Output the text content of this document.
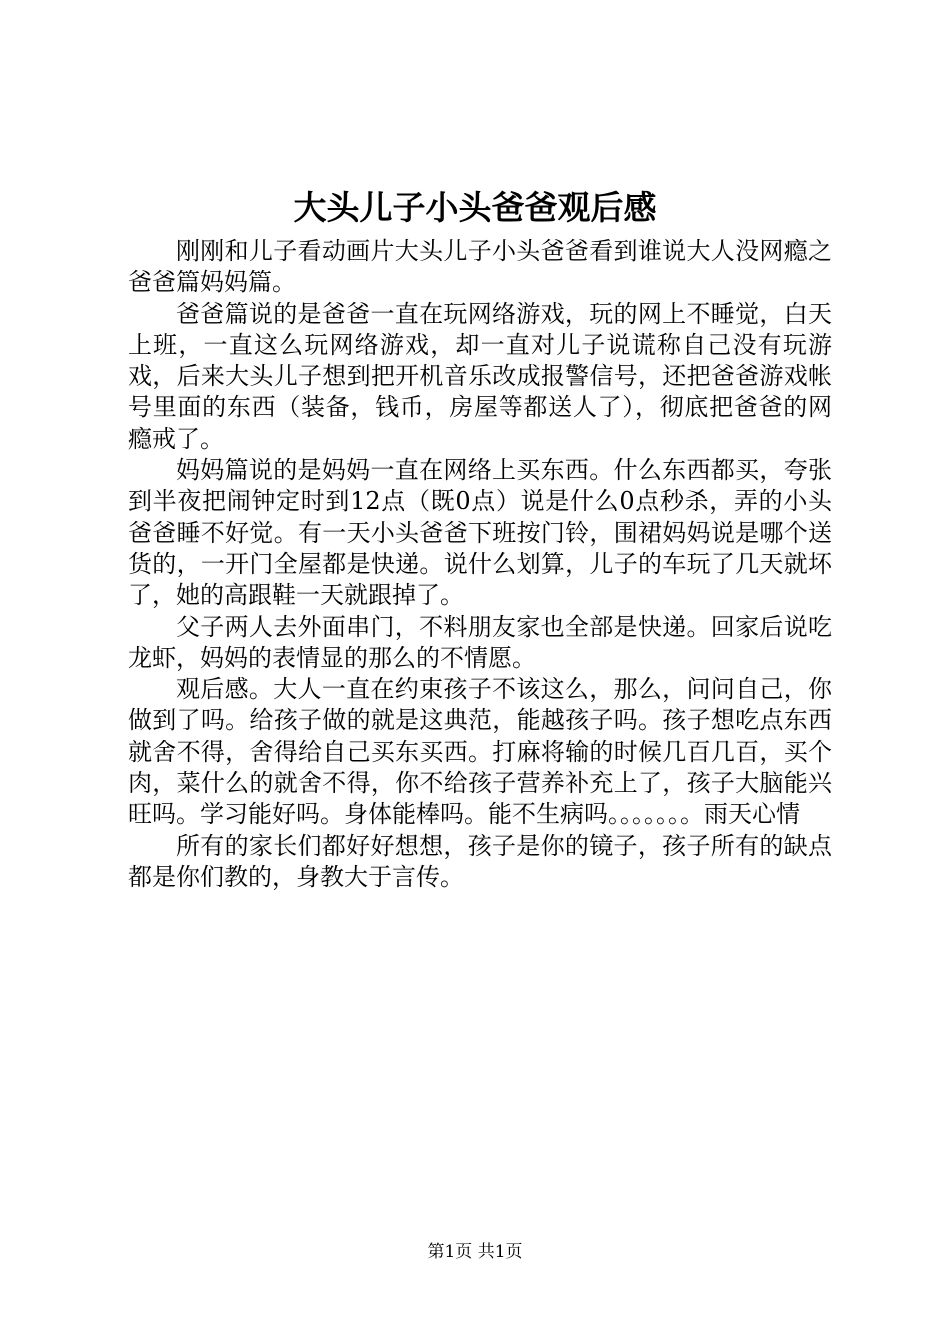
大头儿子小头爸爸观后感

刚刚和儿子看动画片大头儿子小头爸爸看到谁说大人没网瘾之爸爸篇妈妈篇。

爸爸篇说的是爸爸一直在玩网络游戏，玩的网上不睡觉，白天上班，一直这么玩网络游戏，却一直对儿子说谎称自己没有玩游戏，后来大头儿子想到把开机音乐改成报警信号，还把爸爸游戏帐号里面的东西（装备，钱币，房屋等都送人了），彻底把爸爸的网瘾戒了。

妈妈篇说的是妈妈一直在网络上买东西。什么东西都买，夸张到半夜把闹钟定时到12点（既0点）说是什么0点秒杀，弄的小头爸爸睡不好觉。有一天小头爸爸下班按门铃，围裙妈妈说是哪个送货的，一开门全屋都是快递。说什么划算，儿子的车玩了几天就坏了，她的高跟鞋一天就跟掉了。

父子两人去外面串门，不料朋友家也全部是快递。回家后说吃龙虾，妈妈的表情显的那么的不情愿。

观后感。大人一直在约束孩子不该这么，那么，问问自己，你做到了吗。给孩子做的就是这典范，能越孩子吗。孩子想吃点东西就舍不得，舍得给自己买东买西。打麻将输的时候几百几百，买个肉，菜什么的就舍不得，你不给孩子营养补充上了，孩子大脑能兴旺吗。学习能好吗。身体能棒吗。能不生病吗。。。。。。。雨天心情

所有的家长们都好好想想，孩子是你的镜子，孩子所有的缺点都是你们教的，身教大于言传。

第1页 共1页
